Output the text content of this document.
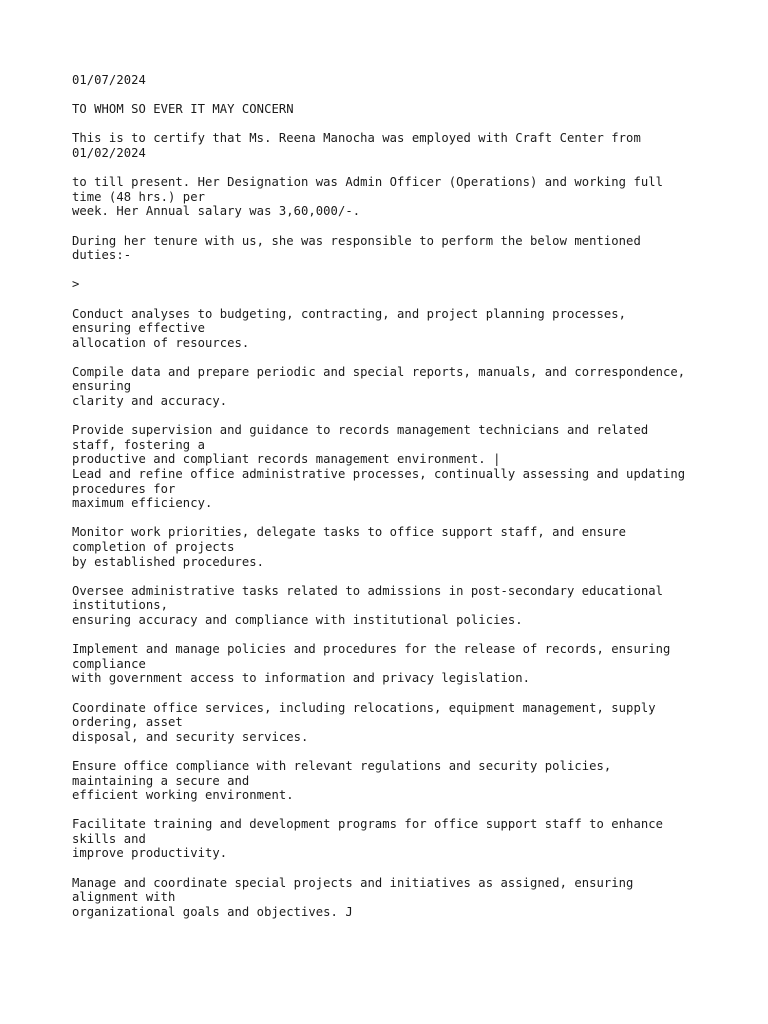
01/07/2024
TO WHOM SO EVER IT MAY CONCERN
This is to certify that Ms. Reena Manocha was employed with Craft Center from
01/02/2024
to till present. Her Designation was Admin Officer (Operations) and working full
time (48 hrs.) per
week. Her Annual salary was 3,60,000/-.
During her tenure with us, she was responsible to perform the below mentioned
duties:-
>
Conduct analyses to budgeting, contracting, and project planning processes,
ensuring effective
allocation of resources.
Compile data and prepare periodic and special reports, manuals, and correspondence,
ensuring
clarity and accuracy.
Provide supervision and guidance to records management technicians and related
staff, fostering a
productive and compliant records management environment. |
Lead and refine office administrative processes, continually assessing and updating
procedures for
maximum efficiency.
Monitor work priorities, delegate tasks to office support staff, and ensure
completion of projects
by established procedures.
Oversee administrative tasks related to admissions in post-secondary educational
institutions,
ensuring accuracy and compliance with institutional policies.
Implement and manage policies and procedures for the release of records, ensuring
compliance
with government access to information and privacy legislation.
Coordinate office services, including relocations, equipment management, supply
ordering, asset
disposal, and security services.
Ensure office compliance with relevant regulations and security policies,
maintaining a secure and
efficient working environment.
Facilitate training and development programs for office support staff to enhance
skills and
improve productivity.
Manage and coordinate special projects and initiatives as assigned, ensuring
alignment with
organizational goals and objectives. J
